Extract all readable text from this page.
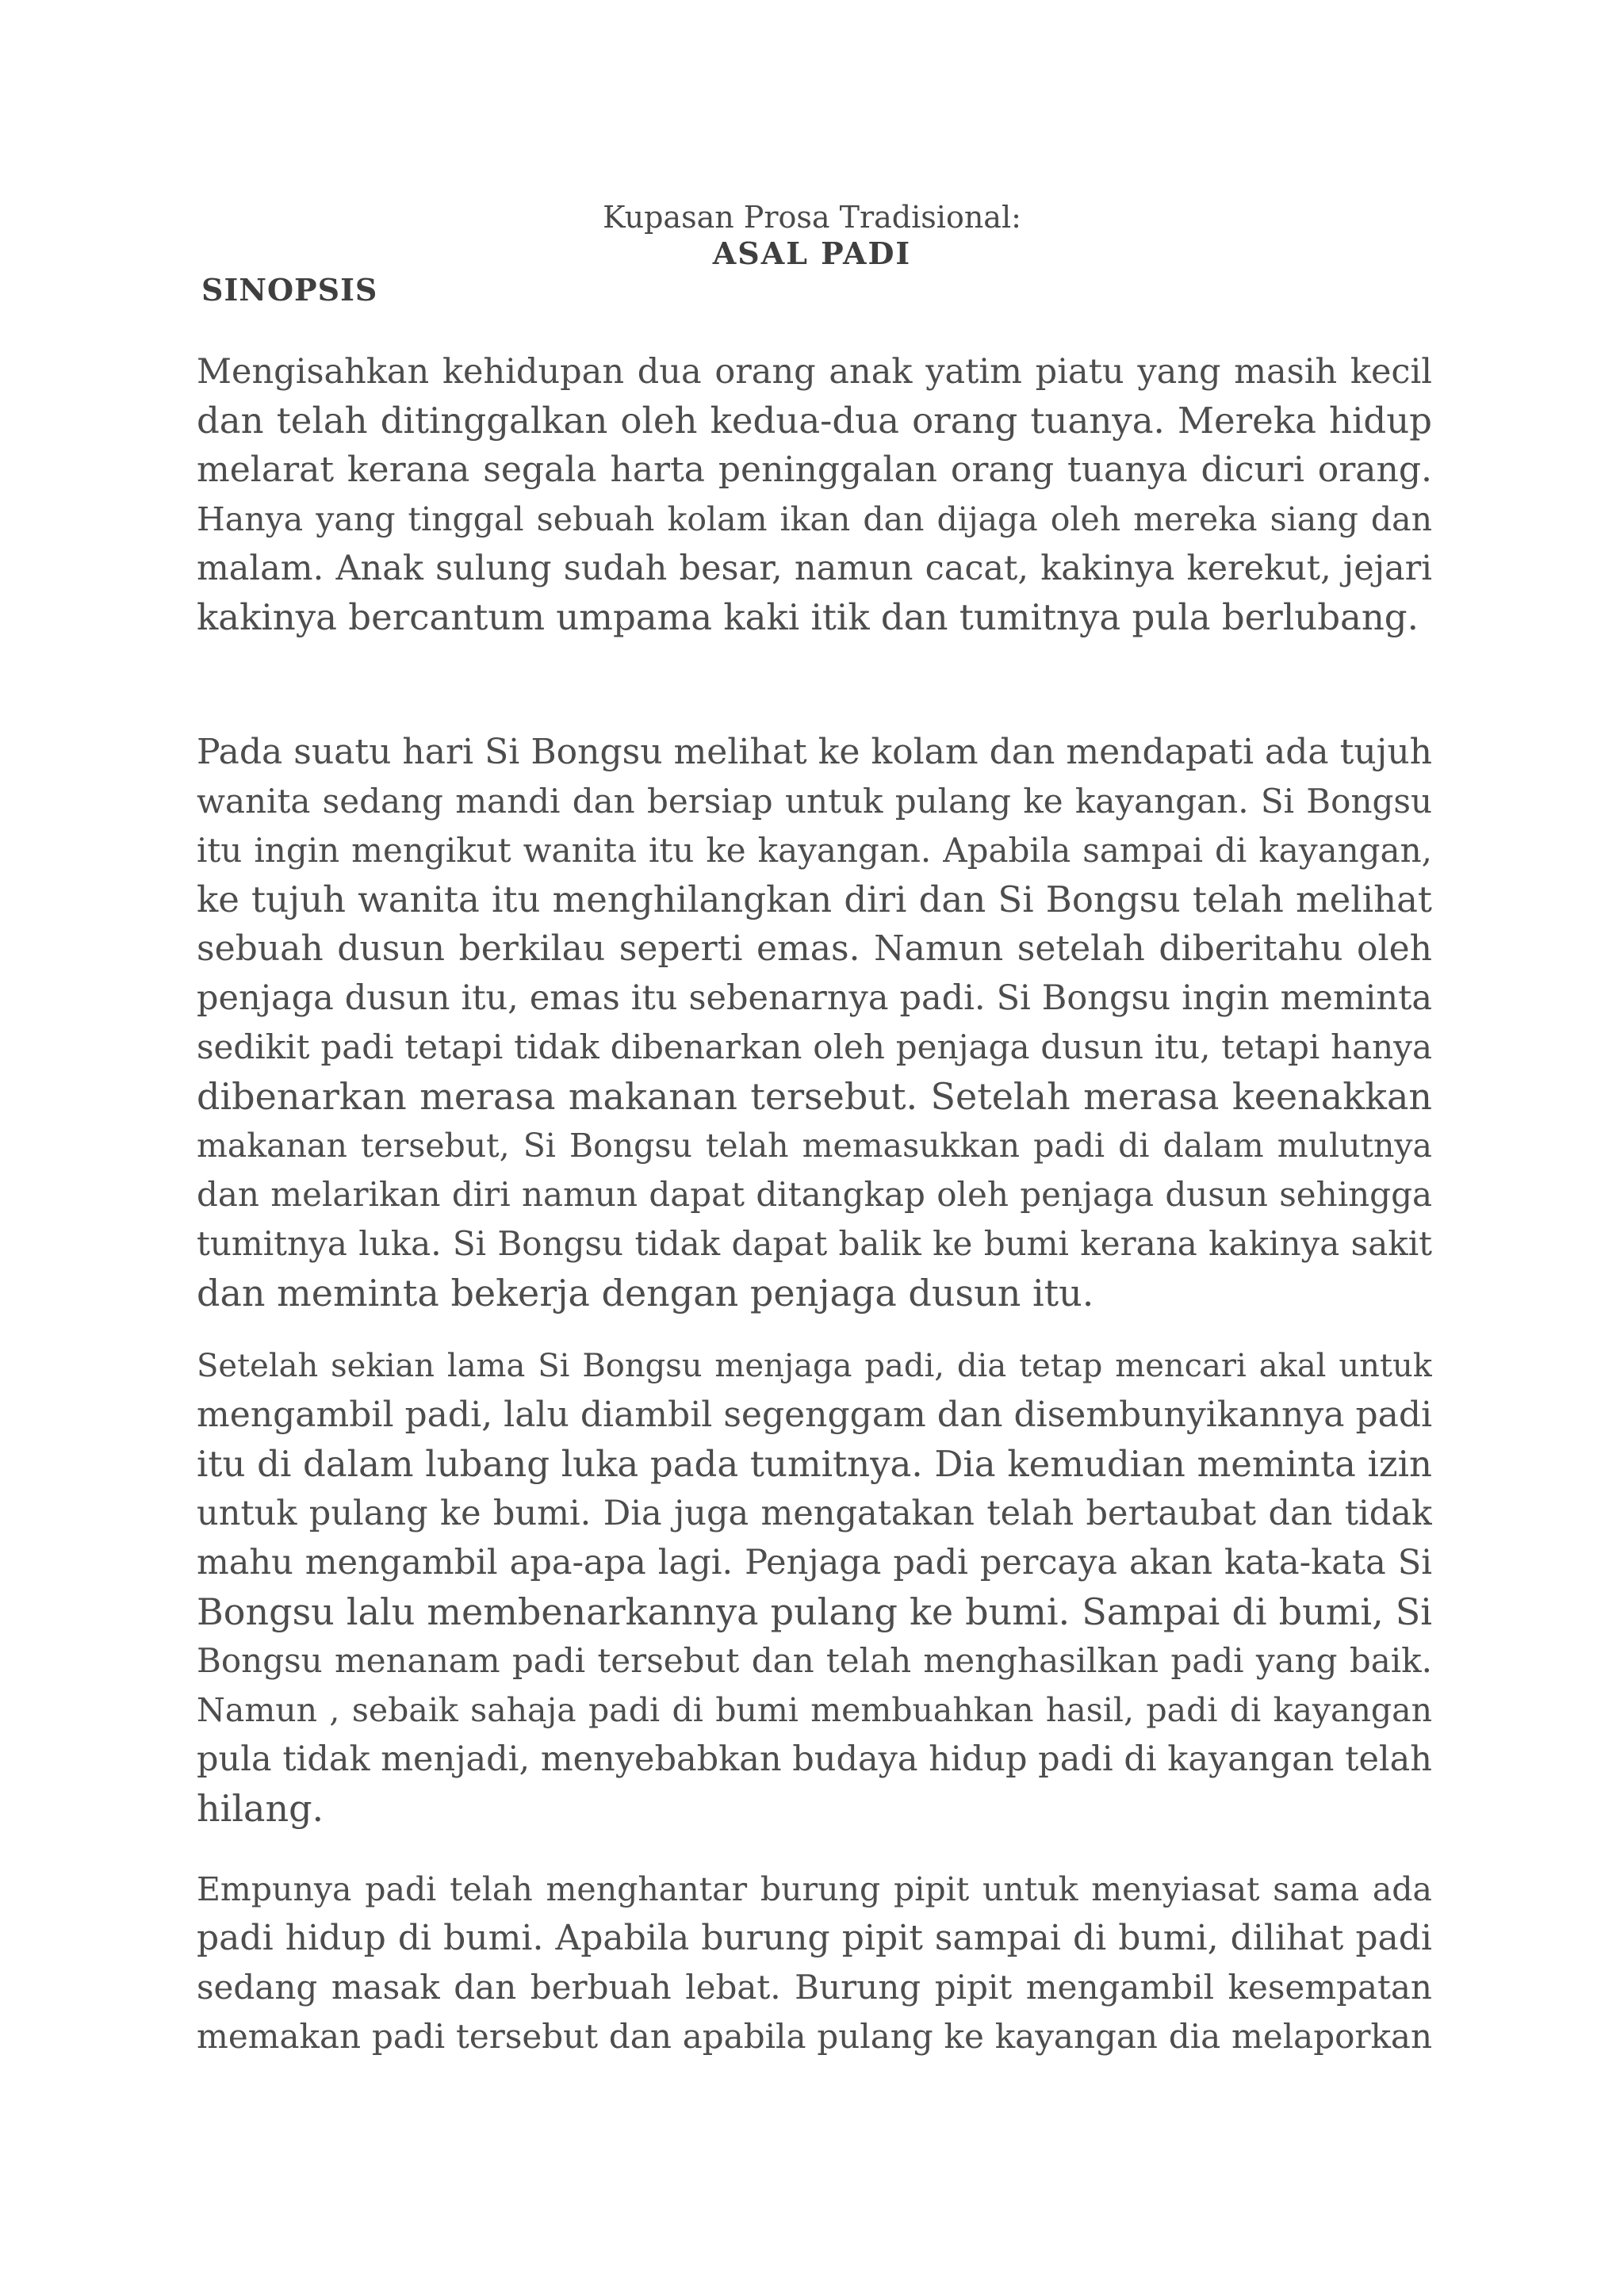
Kupasan Prosa Tradisional:
ASAL PADI
SINOPSIS

Mengisahkan kehidupan dua orang anak yatim piatu yang masih kecil
dan telah ditinggalkan oleh kedua-dua orang tuanya. Mereka hidup
melarat kerana segala harta peninggalan orang tuanya dicuri orang.
Hanya yang tinggal sebuah kolam ikan dan dijaga oleh mereka siang dan
malam. Anak sulung sudah besar, namun cacat, kakinya kerekut, jejari
kakinya bercantum umpama kaki itik dan tumitnya pula berlubang.

Pada suatu hari Si Bongsu melihat ke kolam dan mendapati ada tujuh
wanita sedang mandi dan bersiap untuk pulang ke kayangan. Si Bongsu
itu ingin mengikut wanita itu ke kayangan. Apabila sampai di kayangan,
ke tujuh wanita itu menghilangkan diri dan Si Bongsu telah melihat
sebuah dusun berkilau seperti emas. Namun setelah diberitahu oleh
penjaga dusun itu, emas itu sebenarnya padi. Si Bongsu ingin meminta
sedikit padi tetapi tidak dibenarkan oleh penjaga dusun itu, tetapi hanya
dibenarkan merasa makanan tersebut. Setelah merasa keenakkan
makanan tersebut, Si Bongsu telah memasukkan padi di dalam mulutnya
dan melarikan diri namun dapat ditangkap oleh penjaga dusun sehingga
tumitnya luka. Si Bongsu tidak dapat balik ke bumi kerana kakinya sakit
dan meminta bekerja dengan penjaga dusun itu.

Setelah sekian lama Si Bongsu menjaga padi, dia tetap mencari akal untuk
mengambil padi, lalu diambil segenggam dan disembunyikannya padi
itu di dalam lubang luka pada tumitnya. Dia kemudian meminta izin
untuk pulang ke bumi. Dia juga mengatakan telah bertaubat dan tidak
mahu mengambil apa-apa lagi. Penjaga padi percaya akan kata-kata Si
Bongsu lalu membenarkannya pulang ke bumi. Sampai di bumi, Si
Bongsu menanam padi tersebut dan telah menghasilkan padi yang baik.
Namun , sebaik sahaja padi di bumi membuahkan hasil, padi di kayangan
pula tidak menjadi, menyebabkan budaya hidup padi di kayangan telah
hilang.

Empunya padi telah menghantar burung pipit untuk menyiasat sama ada
padi hidup di bumi. Apabila burung pipit sampai di bumi, dilihat padi
sedang masak dan berbuah lebat. Burung pipit mengambil kesempatan
memakan padi tersebut dan apabila pulang ke kayangan dia melaporkan
